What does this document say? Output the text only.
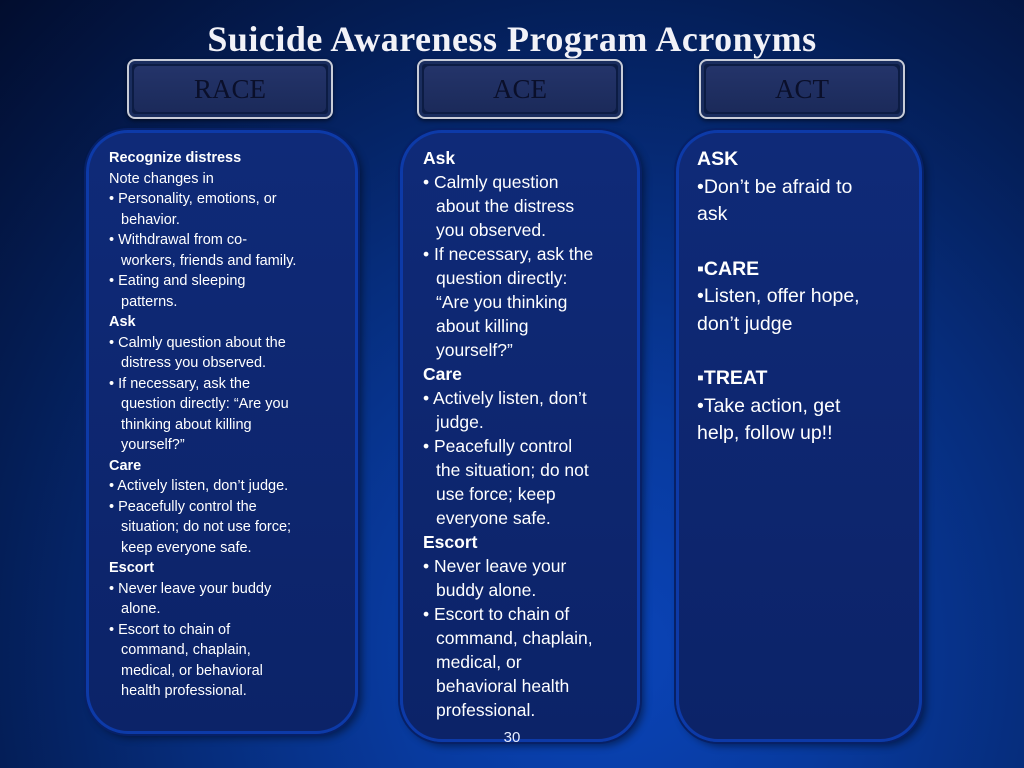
Suicide Awareness Program Acronyms
RACE	ACE	ACT
Recognize distress
Note changes in
• Personality, emotions, or
behavior.
• Withdrawal from co-
workers, friends and family.
• Eating and sleeping
patterns.
Ask
• Calmly question about the
distress you observed.
• If necessary, ask the
question directly: “Are you
thinking about killing
yourself?”
Care
• Actively listen, don’t judge.
• Peacefully control the
situation; do not use force;
keep everyone safe.
Escort
• Never leave your buddy
alone.
• Escort to chain of
command, chaplain,
medical, or behavioral
health professional.
Ask
• Calmly question
about the distress
you observed.
• If necessary, ask the
question directly:
“Are you thinking
about killing
yourself?”
Care
• Actively listen, don’t
judge.
• Peacefully control
the situation; do not
use force; keep
everyone safe.
Escort
• Never leave your
buddy alone.
• Escort to chain of
command, chaplain,
medical, or
behavioral health
professional.
ASK
•Don’t be afraid to
ask
▪CARE
•Listen, offer hope,
don’t judge
▪TREAT
•Take action, get
help, follow up!!
30
